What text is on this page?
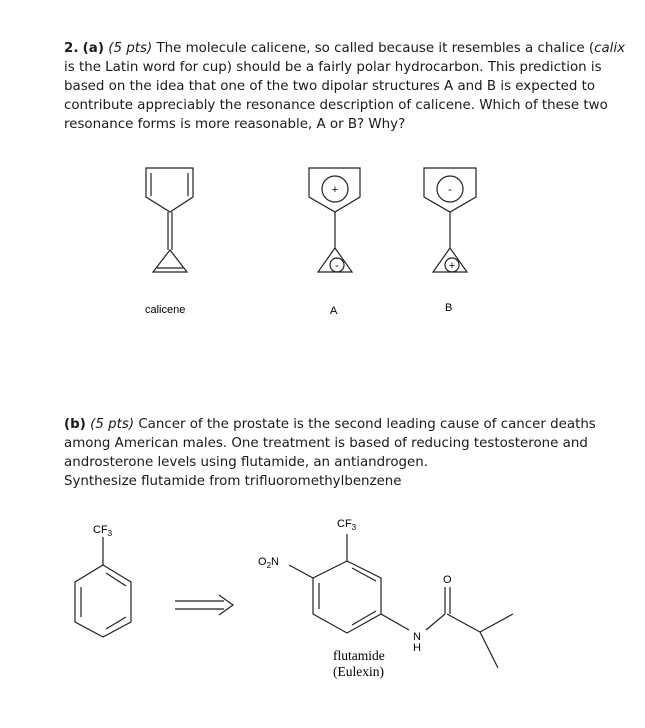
2. (a) (5 pts) The molecule calicene, so called because it resembles a chalice (calix is the Latin word for cup) should be a fairly polar hydrocarbon. This prediction is based on the idea that one of the two dipolar structures A and B is expected to contribute appreciably the resonance description of calicene. Which of these two resonance forms is more reasonable, A or B? Why?

+
-
-
+
calicene	A	B
$CF_3$
$CF_3$
$O_2N$
O
N
H
flutamide
(Eulexin)

(b) (5 pts) Cancer of the prostate is the second leading cause of cancer deaths among American males. One treatment is based of reducing testosterone and androsterone levels using flutamide, an antiandrogen.

Synthesize flutamide from trifluoromethylbenzene
